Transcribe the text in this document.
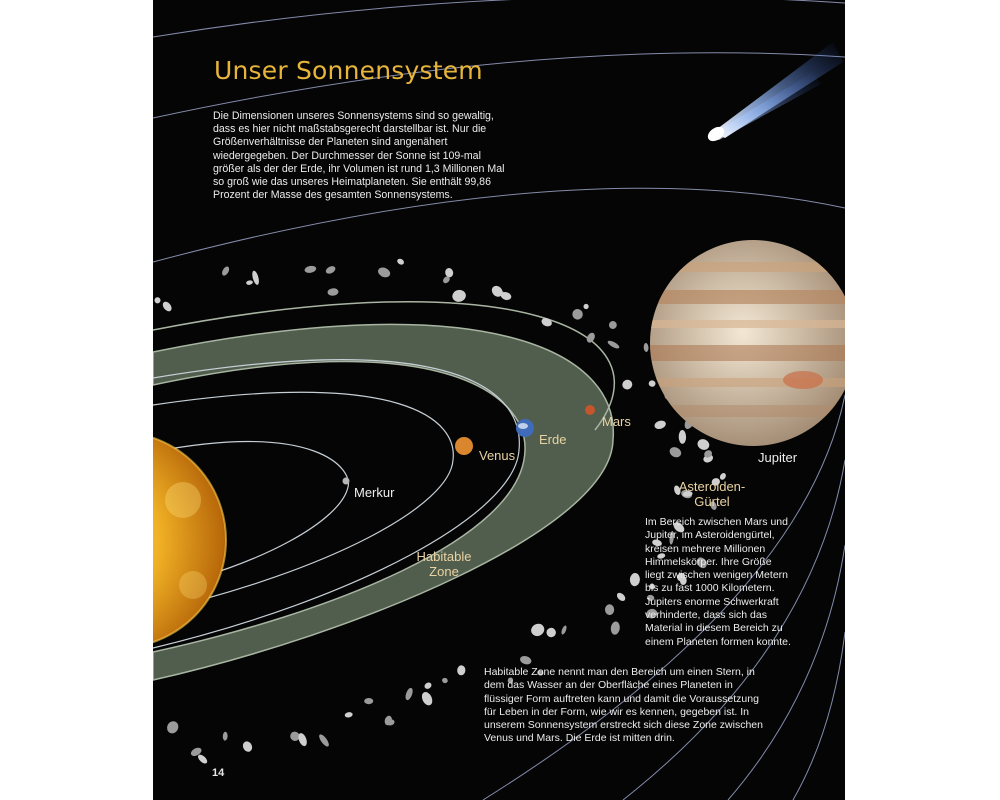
Unser Sonnensystem

Die Dimensionen unseres Sonnensystems sind so gewaltig, dass es hier nicht maßstabsgerecht darstellbar ist. Nur die Größenverhältnisse der Planeten sind angenähert wiedergegeben. Der Durchmesser der Sonne ist 109-mal größer als der der Erde, ihr Volumen ist rund 1,3 Millionen Mal so groß wie das unseres Heimatplaneten. Sie enthält 99,86 Prozent der Masse des gesamten Sonnensystems.

Merkur
Venus
Erde
Mars
Jupiter
Habitable
Zone
Asteroiden-
Gürtel

Im Bereich zwischen Mars und Jupiter, im Asteroidengürtel, kreisen mehrere Millionen Himmelskörper. Ihre Größe liegt zwischen wenigen Metern bis zu fast 1000 Kilometern. Jupiters enorme Schwerkraft verhinderte, dass sich das Material in diesem Bereich zu einem Planeten formen konnte.

Habitable Zone nennt man den Bereich um einen Stern, in dem das Wasser an der Oberfläche eines Planeten in flüssiger Form auftreten kann und damit die Voraussetzung für Leben in der Form, wie wir es kennen, gegeben ist. In unserem Sonnensystem erstreckt sich diese Zone zwischen Venus und Mars. Die Erde ist mitten drin.

14
